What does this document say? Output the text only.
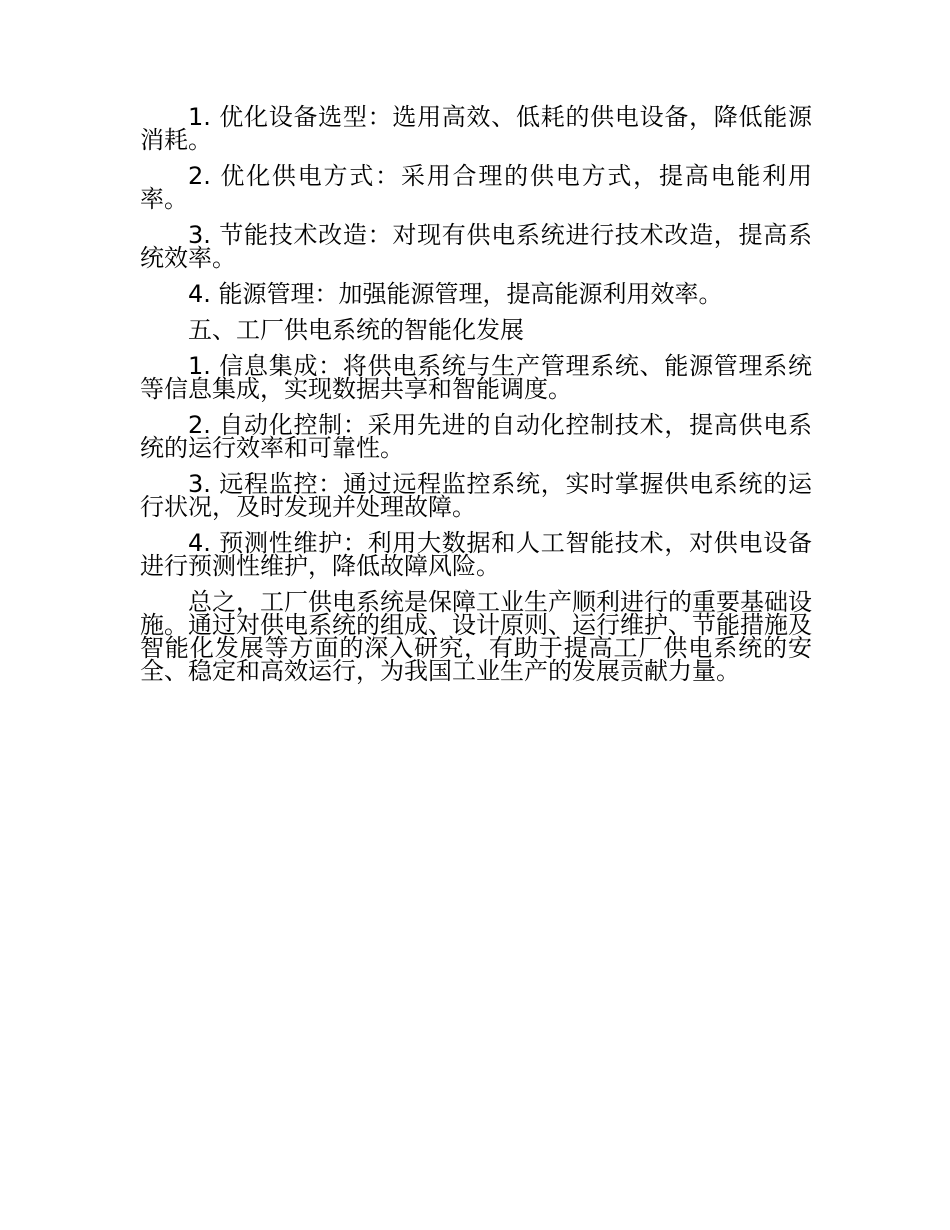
1. 优化设备选型：选用高效、低耗的供电设备，降低能源消耗。

2. 优化供电方式：采用合理的供电方式，提高电能利用率。

3. 节能技术改造：对现有供电系统进行技术改造，提高系统效率。

4. 能源管理：加强能源管理，提高能源利用效率。

五、工厂供电系统的智能化发展

1. 信息集成：将供电系统与生产管理系统、能源管理系统等信息集成，实现数据共享和智能调度。

2. 自动化控制：采用先进的自动化控制技术，提高供电系统的运行效率和可靠性。

3. 远程监控：通过远程监控系统，实时掌握供电系统的运行状况，及时发现并处理故障。

4. 预测性维护：利用大数据和人工智能技术，对供电设备进行预测性维护，降低故障风险。

总之，工厂供电系统是保障工业生产顺利进行的重要基础设施。通过对供电系统的组成、设计原则、运行维护、节能措施及智能化发展等方面的深入研究，有助于提高工厂供电系统的安全、稳定和高效运行，为我国工业生产的发展贡献力量。
